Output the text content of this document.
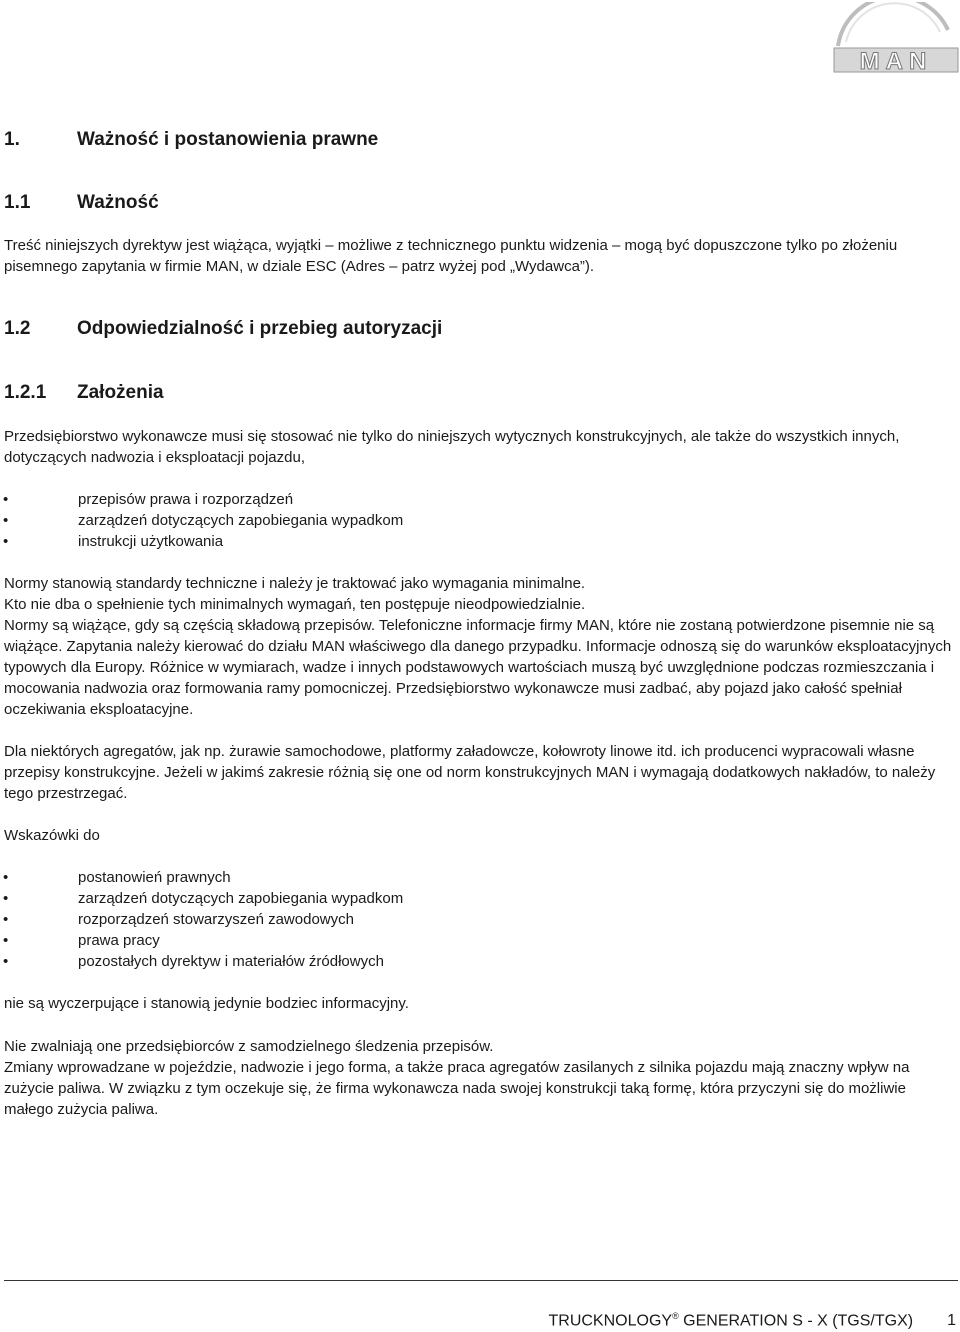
MAN
1.	Ważność i postanowienia prawne
1.1 Ważność

Treść niniejszych dyrektyw jest wiążąca, wyjątki – możliwe z technicznego punktu widzenia – mogą być dopuszczone tylko po złożeniu pisemnego zapytania w firmie MAN, w dziale ESC (Adres – patrz wyżej pod „Wydawca”).

1.2 Odpowiedzialność i przebieg autoryzacji
1.2.1 Założenia

Przedsiębiorstwo wykonawcze musi się stosować nie tylko do niniejszych wytycznych konstrukcyjnych, ale także do wszystkich innych, dotyczących nadwozia i eksploatacji pojazdu,

•	przepisów prawa i rozporządzeń
•	zarządzeń dotyczących zapobiegania wypadkom
•	instrukcji użytkowania

Normy stanowią standardy techniczne i należy je traktować jako wymagania minimalne.

Kto nie dba o spełnienie tych minimalnych wymagań, ten postępuje nieodpowiedzialnie.

Normy są wiążące, gdy są częścią składową przepisów. Telefoniczne informacje firmy MAN, które nie zostaną potwierdzone pisemnie nie są wiążące. Zapytania należy kierować do działu MAN właściwego dla danego przypadku. Informacje odnoszą się do warunków eksploatacyjnych typowych dla Europy. Różnice w wymiarach, wadze i innych podstawowych wartościach muszą być uwzględnione podczas rozmieszczania i mocowania nadwozia oraz formowania ramy pomocniczej. Przedsiębiorstwo wykonawcze musi zadbać, aby pojazd jako całość spełniał oczekiwania eksploatacyjne.

Dla niektórych agregatów, jak np. żurawie samochodowe, platformy załadowcze, kołowroty linowe itd. ich producenci wypracowali własne przepisy konstrukcyjne. Jeżeli w jakimś zakresie różnią się one od norm konstrukcyjnych MAN i wymagają dodatkowych nakładów, to należy tego przestrzegać.

Wskazówki do

•	postanowień prawnych
•	zarządzeń dotyczących zapobiegania wypadkom
•	rozporządzeń stowarzyszeń zawodowych
•	prawa pracy
•	pozostałych dyrektyw i materiałów źródłowych

nie są wyczerpujące i stanowią jedynie bodziec informacyjny.

Nie zwalniają one przedsiębiorców z samodzielnego śledzenia przepisów.

Zmiany wprowadzane w pojeździe, nadwozie i jego forma, a także praca agregatów zasilanych z silnika pojazdu mają znaczny wpływ na zużycie paliwa. W związku z tym oczekuje się, że firma wykonawcza nada swojej konstrukcji taką formę, która przyczyni się do możliwie małego zużycia paliwa.

TRUCKNOLOGY® GENERATION S - X (TGS/TGX) 1
